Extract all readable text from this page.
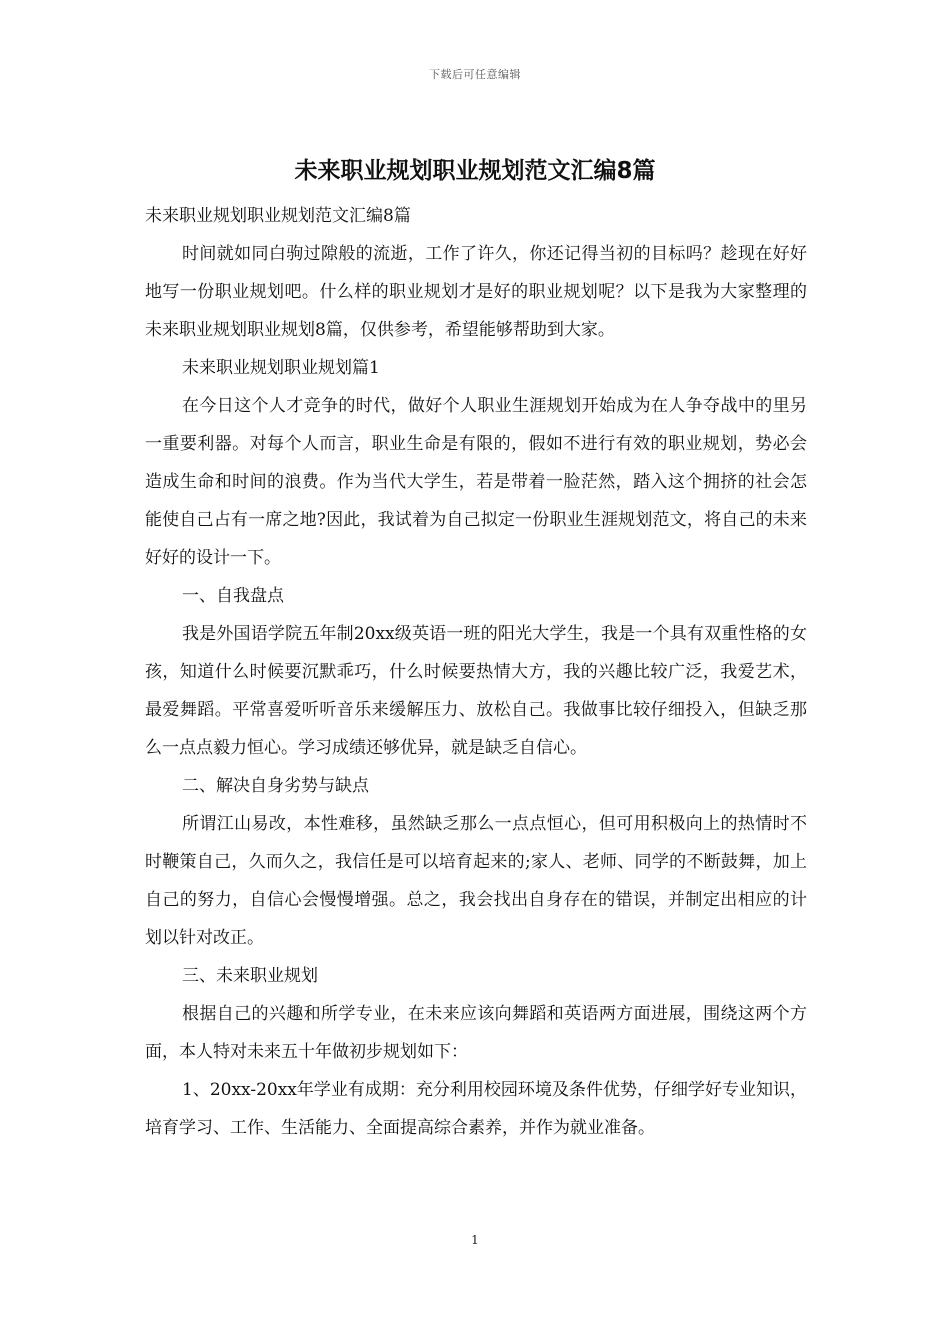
下载后可任意编辑
未来职业规划职业规划范文汇编8篇

未来职业规划职业规划范文汇编8篇

时间就如同白驹过隙般的流逝，工作了许久，你还记得当初的目标吗？趁现在好好地写一份职业规划吧。什么样的职业规划才是好的职业规划呢？以下是我为大家整理的未来职业规划职业规划8篇，仅供参考，希望能够帮助到大家。

未来职业规划职业规划篇1

在今日这个人才竞争的时代，做好个人职业生涯规划开始成为在人争夺战中的里另一重要利器。对每个人而言，职业生命是有限的，假如不进行有效的职业规划，势必会造成生命和时间的浪费。作为当代大学生，若是带着一脸茫然，踏入这个拥挤的社会怎能使自己占有一席之地?因此，我试着为自己拟定一份职业生涯规划范文，将自己的未来好好的设计一下。

一、自我盘点

我是外国语学院五年制20xx级英语一班的阳光大学生，我是一个具有双重性格的女孩，知道什么时候要沉默乖巧，什么时候要热情大方，我的兴趣比较广泛，我爱艺术，最爱舞蹈。平常喜爱听听音乐来缓解压力、放松自己。我做事比较仔细投入，但缺乏那么一点点毅力恒心。学习成绩还够优异，就是缺乏自信心。

二、解决自身劣势与缺点

所谓江山易改，本性难移，虽然缺乏那么一点点恒心，但可用积极向上的热情时不时鞭策自己，久而久之，我信任是可以培育起来的;家人、老师、同学的不断鼓舞，加上自己的努力，自信心会慢慢增强。总之，我会找出自身存在的错误，并制定出相应的计划以针对改正。

三、未来职业规划

根据自己的兴趣和所学专业，在未来应该向舞蹈和英语两方面进展，围绕这两个方面，本人特对未来五十年做初步规划如下：

1、20xx-20xx年学业有成期：充分利用校园环境及条件优势，仔细学好专业知识，培育学习、工作、生活能力、全面提高综合素养，并作为就业准备。

1
